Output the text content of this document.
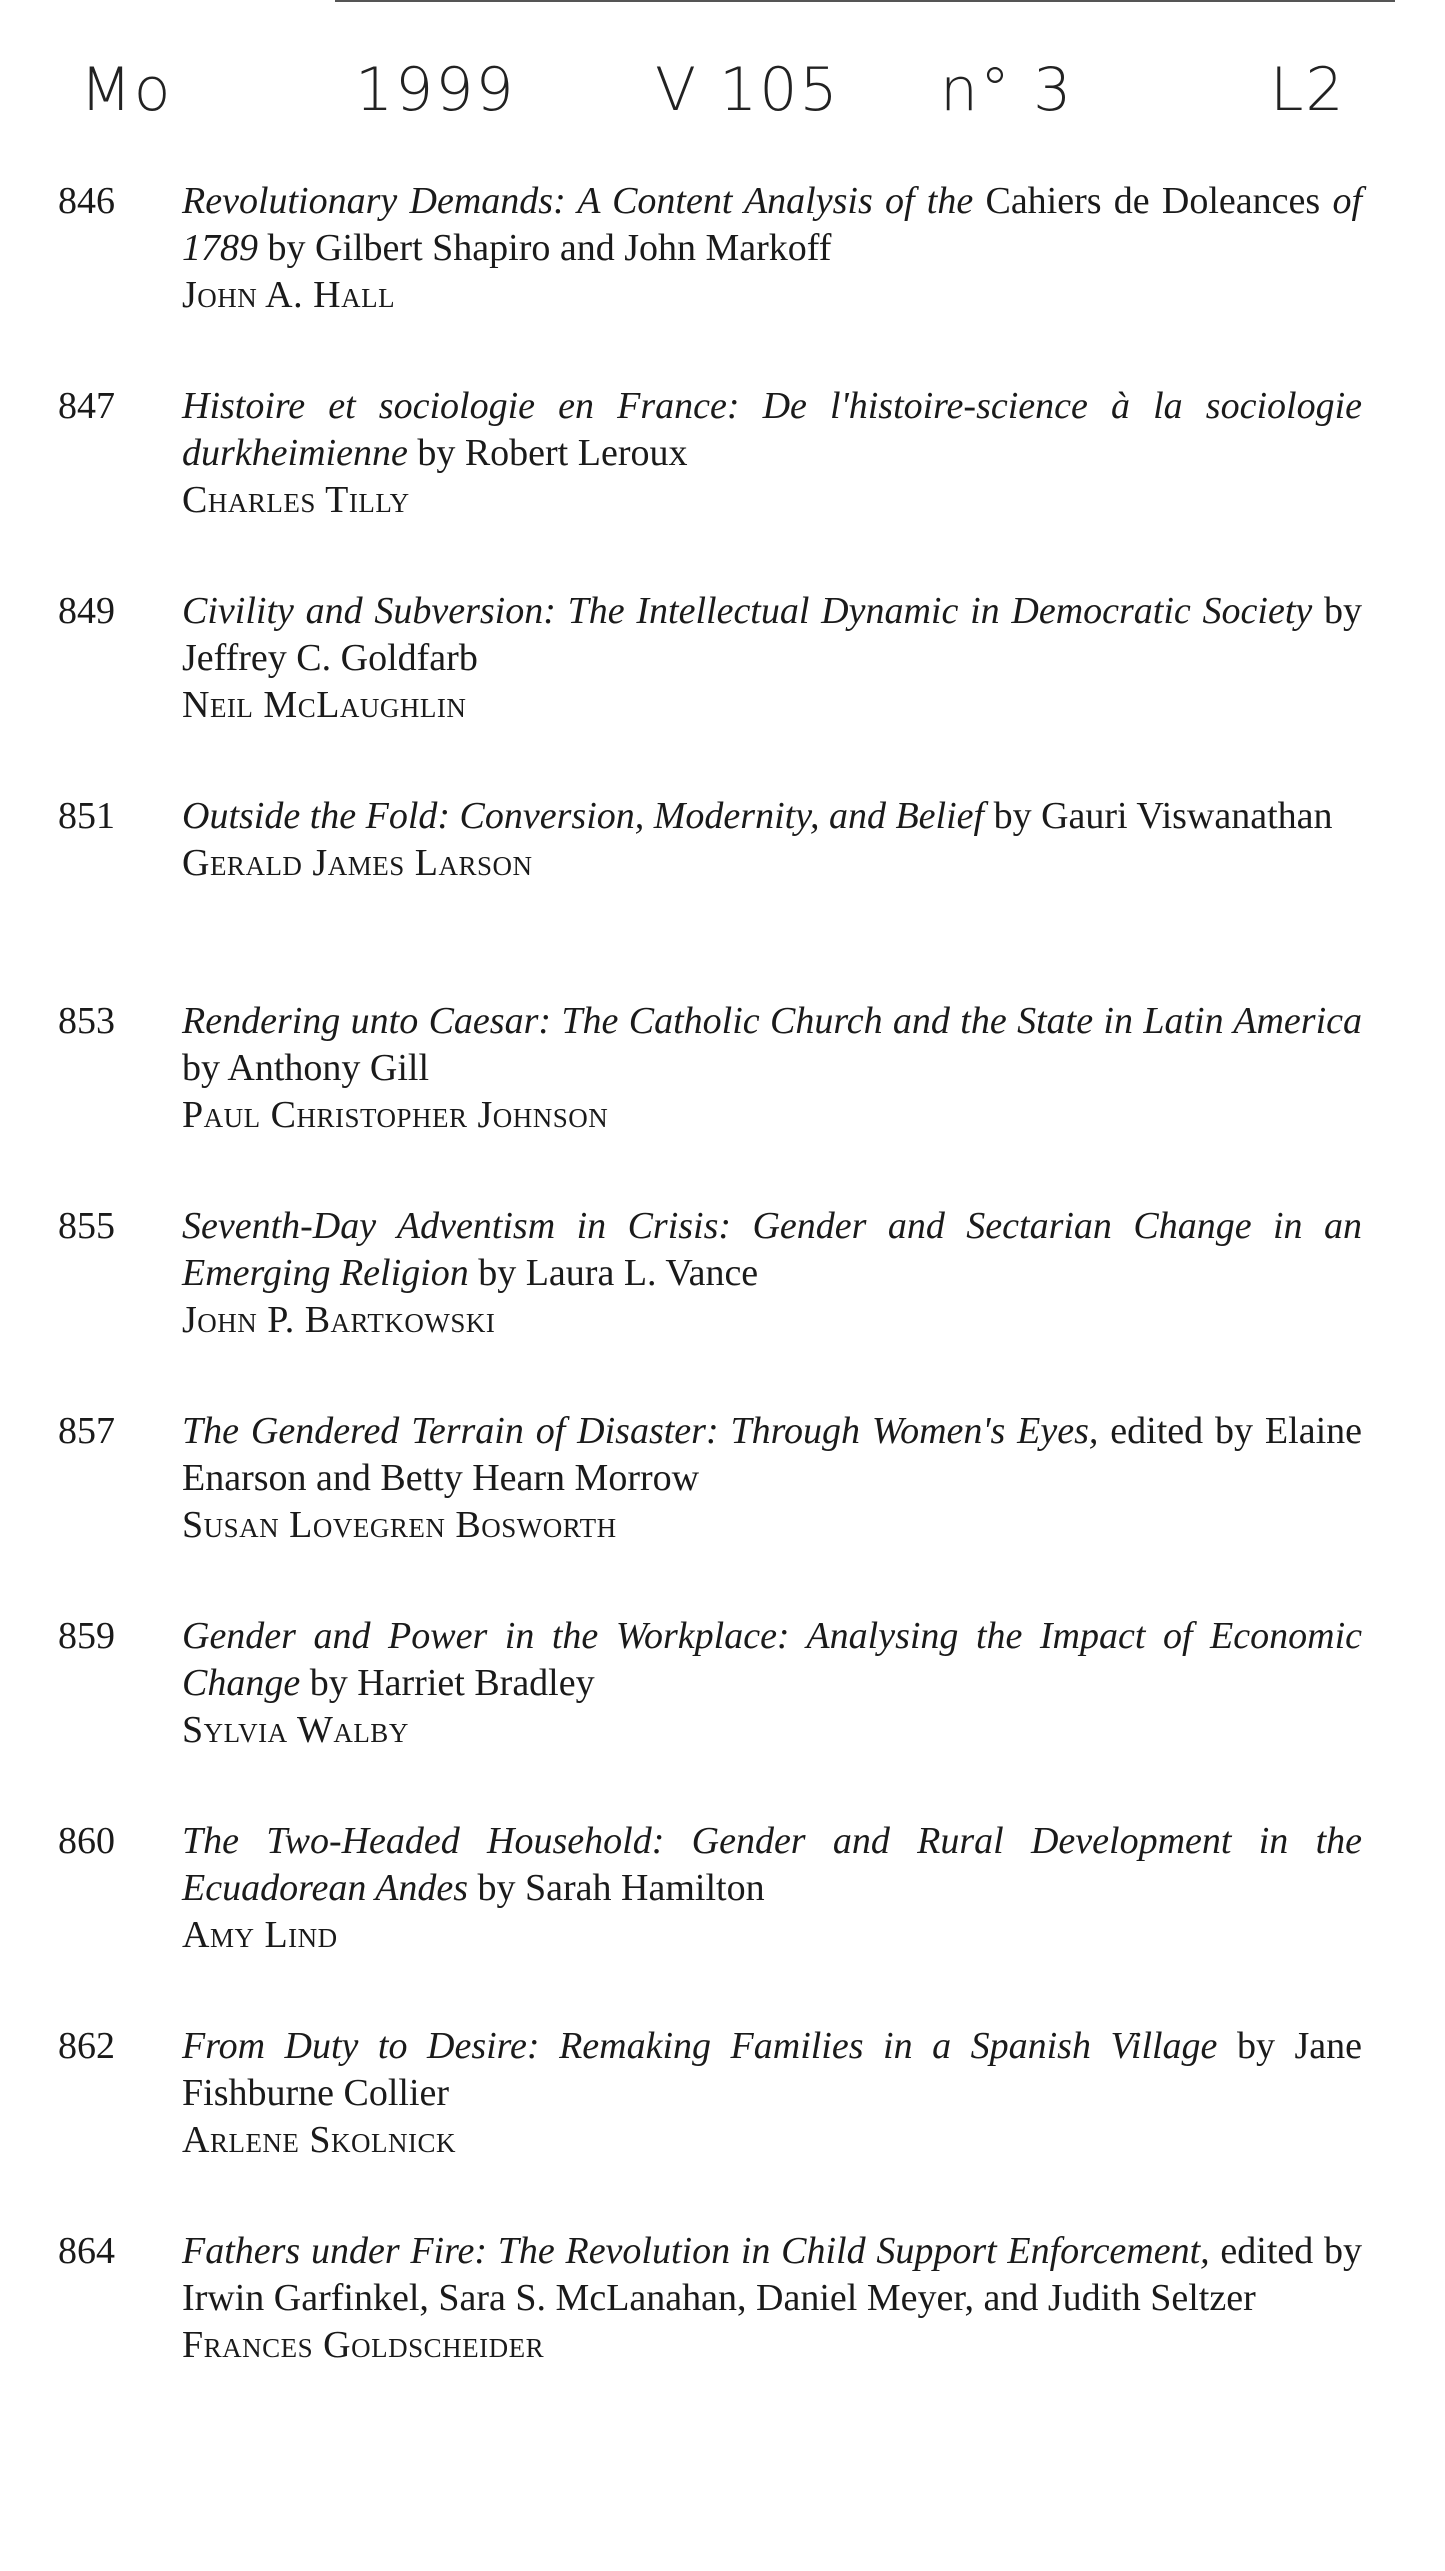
Mo	1999 V 105 n° 3	L2
846	Revolutionary Demands: A Content Analysis of the Cahiers de Doleances of 1789 by Gilbert Shapiro and John Markoff
John A. Hall
847	Histoire et sociologie en France: De l'histoire-science à la sociologie durkheimienne by Robert Leroux
Charles Tilly
849	Civility and Subversion: The Intellectual Dynamic in Democratic Society by Jeffrey C. Goldfarb
Neil McLaughlin
851	Outside the Fold: Conversion, Modernity, and Belief by Gauri Viswanathan
Gerald James Larson
853	Rendering unto Caesar: The Catholic Church and the State in Latin America by Anthony Gill
Paul Christopher Johnson
855	Seventh-Day Adventism in Crisis: Gender and Sectarian Change in an Emerging Religion by Laura L. Vance
John P. Bartkowski
857	The Gendered Terrain of Disaster: Through Women's Eyes, edited by Elaine Enarson and Betty Hearn Morrow
Susan Lovegren Bosworth
859	Gender and Power in the Workplace: Analysing the Impact of Economic Change by Harriet Bradley
Sylvia Walby
860	The Two-Headed Household: Gender and Rural Development in the Ecuadorean Andes by Sarah Hamilton
Amy Lind
862	From Duty to Desire: Remaking Families in a Spanish Village by Jane Fishburne Collier
Arlene Skolnick
864	Fathers under Fire: The Revolution in Child Support Enforcement, edited by Irwin Garfinkel, Sara S. McLanahan, Daniel Meyer, and Judith Seltzer
Frances Goldscheider
